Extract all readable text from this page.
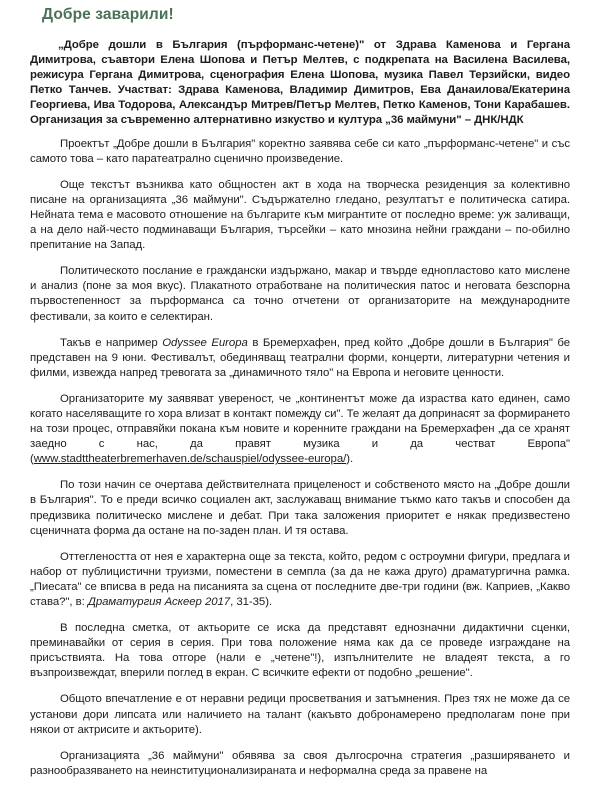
Добре заварили!

„Добре дошли в България (пърформанс-четене)" от Здрава Каменова и Гергана Димитрова, съавтори Елена Шопова и Петър Мелтев, с подкрепата на Василена Василева, режисура Гергана Димитрова, сценография Елена Шопова, музика Павел Терзийски, видео Петко Танчев. Участват: Здрава Каменова, Владимир Димитров, Ева Данаилова/Екатерина Георгиева, Ива Тодорова, Александър Митрев/Петър Мелтев, Петко Каменов, Тони Карабашев. Организация за съвременно алтернативно изкуство и култура „36 маймуни" – ДНК/НДК

Проектът „Добре дошли в България" коректно заявява себе си като „пърформанс-четене" и със самото това – като паратеатрално сценично произведение.

Още текстът възниква като общностен акт в хода на творческа резиденция за колективно писане на организацията „36 маймуни". Съдържателно гледано, резултатът е политическа сатира. Нейната тема е масовото отношение на българите към мигрантите от последно време: уж заливащи, а на дело най-често подминаващи България, търсейки – като мнозина нейни граждани – по-обилно препитание на Запад.

Политическото послание е граждански издържано, макар и твърде еднопластово като мислене и анализ (поне за моя вкус). Плакатното отработване на политическия патос и неговата безспорна първостепенност за пърформанса са точно отчетени от организаторите на международните фестивали, за които е селектиран.

Такъв е например Odyssee Europa в Бремерхафен, пред който „Добре дошли в България" бе представен на 9 юни. Фестивалът, обединяващ театрални форми, концерти, литературни четения и филми, извежда напред тревогата за „динамичното тяло" на Европа и неговите ценности.

Организаторите му заявяват увереност, че „континентът може да израства като единен, само когато населяващите го хора влизат в контакт помежду си". Те желаят да допринасят за формирането на този процес, отправяйки покана към новите и коренните граждани на Бремерхафен „да се хранят заедно с нас, да правят музика и да честват Европа" (www.stadttheaterbremerhaven.de/schauspiel/odyssee-europa/).

По този начин се очертава действителната прицеленост и собственото място на „Добре дошли в България". То е преди всичко социален акт, заслужаващ внимание тъкмо като такъв и способен да предизвика политическо мислене и дебат. При така заложения приоритет е някак предизвестено сценичната форма да остане на по-заден план. И тя остава.

Оттеглеността от нея е характерна още за текста, който, редом с остроумни фигури, предлага и набор от публицистични труизми, поместени в семпла (за да не кажа друго) драматургична рамка. „Пиесата" се вписва в реда на писанията за сцена от последните две-три години (вж. Каприев, „Какво става?", в: Драматургия Аскеер 2017, 31-35).

В последна сметка, от актьорите се иска да представят еднозначни дидактични сценки, преминавайки от серия в серия. При това положение няма как да се проведе изграждане на присъствията. На това отгоре (нали е „четене"!), изпълнителите не владеят текста, а го възпроизвеждат, вперили поглед в екран. С всичките ефекти от подобно „решение".

Общото впечатление е от неравни редици просветвания и затъмнения. През тях не може да се установи дори липсата или наличието на талант (какъвто добронамерено предполагам поне при някои от актрисите и актьорите).

Организацията „36 маймуни" обявява за своя дългосрочна стратегия „разширяването и разнообразяването на неинституционализираната и неформална среда за правене на
